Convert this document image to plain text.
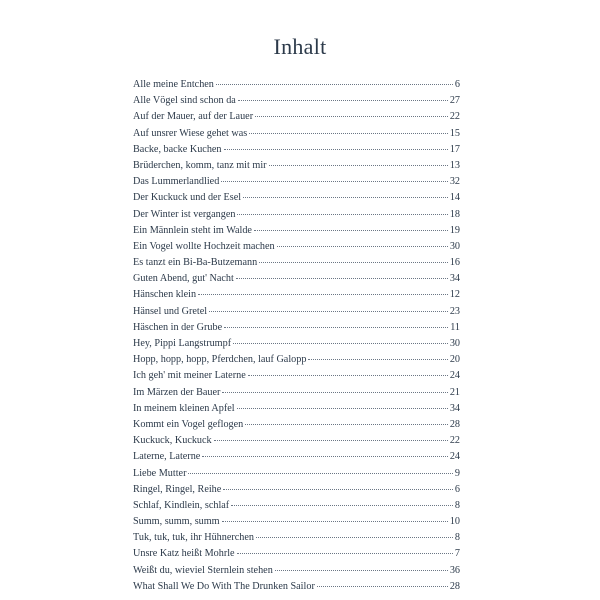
Inhalt
Alle meine Entchen	6
Alle Vögel sind schon da	27
Auf der Mauer, auf der Lauer	22
Auf unsrer Wiese gehet was	15
Backe, backe Kuchen	17
Brüderchen, komm, tanz mit mir	13
Das Lummerlandlied	32
Der Kuckuck und der Esel	14
Der Winter ist vergangen	18
Ein Männlein steht im Walde	19
Ein Vogel wollte Hochzeit machen	30
Es tanzt ein Bi-Ba-Butzemann	16
Guten Abend, gut' Nacht	34
Hänschen klein	12
Hänsel und Gretel	23
Häschen in der Grube	11
Hey, Pippi Langstrumpf	30
Hopp, hopp, hopp, Pferdchen, lauf Galopp	20
Ich geh' mit meiner Laterne	24
Im Märzen der Bauer	21
In meinem kleinen Apfel	34
Kommt ein Vogel geflogen	28
Kuckuck, Kuckuck	22
Laterne, Laterne	24
Liebe Mutter	9
Ringel, Ringel, Reihe	6
Schlaf, Kindlein, schlaf	8
Summ, summ, summ	10
Tuk, tuk, tuk, ihr Hühnerchen	8
Unsre Katz heißt Mohrle	7
Weißt du, wieviel Sternlein stehen	36
What Shall We Do With The Drunken Sailor	28
